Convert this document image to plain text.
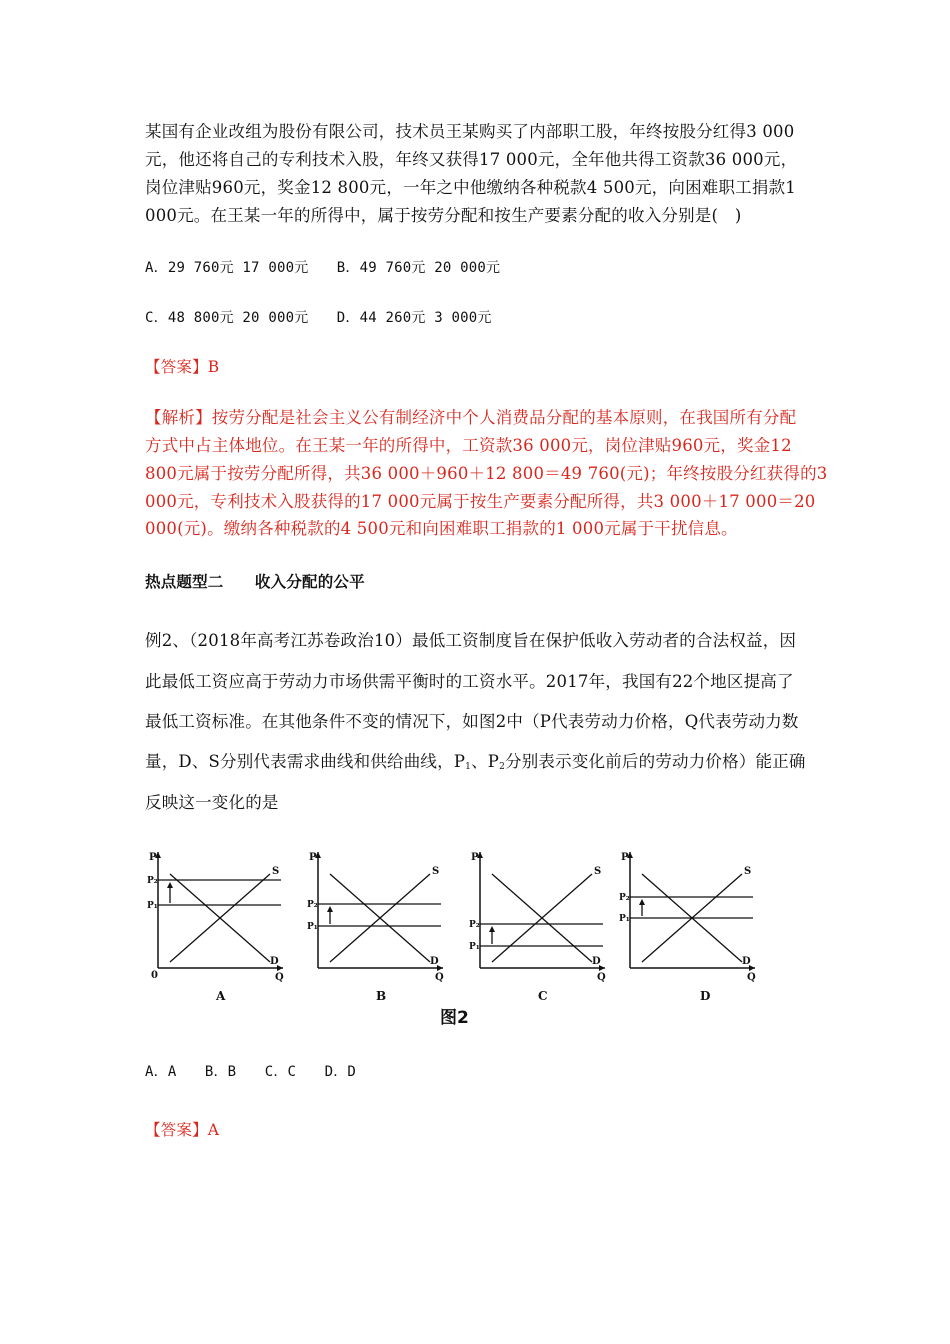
某国有企业改组为股份有限公司，技术员王某购买了内部职工股，年终按股分红得3 000
元，他还将自己的专利技术入股，年终又获得17 000元，全年他共得工资款36 000元，
岗位津贴960元，奖金12 800元，一年之中他缴纳各种税款4 500元，向困难职工捐款1
000元。在王某一年的所得中，属于按劳分配和按生产要素分配的收入分别是(　)
A．29 760元 17 000元　　B．49 760元 20 000元
C．48 800元 20 000元　　D．44 260元 3 000元
【答案】B
【解析】按劳分配是社会主义公有制经济中个人消费品分配的基本原则，在我国所有分配
方式中占主体地位。在王某一年的所得中，工资款36 000元，岗位津贴960元，奖金12
800元属于按劳分配所得，共36 000＋960＋12 800＝49 760(元)；年终按股分红获得的3
000元，专利技术入股获得的17 000元属于按生产要素分配所得，共3 000＋17 000＝20
000(元)。缴纳各种税款的4 500元和向困难职工捐款的1 000元属于干扰信息。
热点题型二　　收入分配的公平
例2、（2018年高考江苏卷政治10）最低工资制度旨在保护低收入劳动者的合法权益，因
此最低工资应高于劳动力市场供需平衡时的工资水平。2017年，我国有22个地区提高了
最低工资标准。在其他条件不变的情况下，如图2中（P代表劳动力价格，Q代表劳动力数
量，D、S分别代表需求曲线和供给曲线，$P_1$、$P_2$分别表示变化前后的劳动力价格）能正确
反映这一变化的是
P
Q
0
S
D
P₂
P₁
A
P
Q
S
D
P₂
P₁
B
P
Q
S
D
P₂
P₁
C
P
Q
S
D
P₂
P₁
D
图2
A．A　　B．B　　C．C　　D．D
【答案】A
